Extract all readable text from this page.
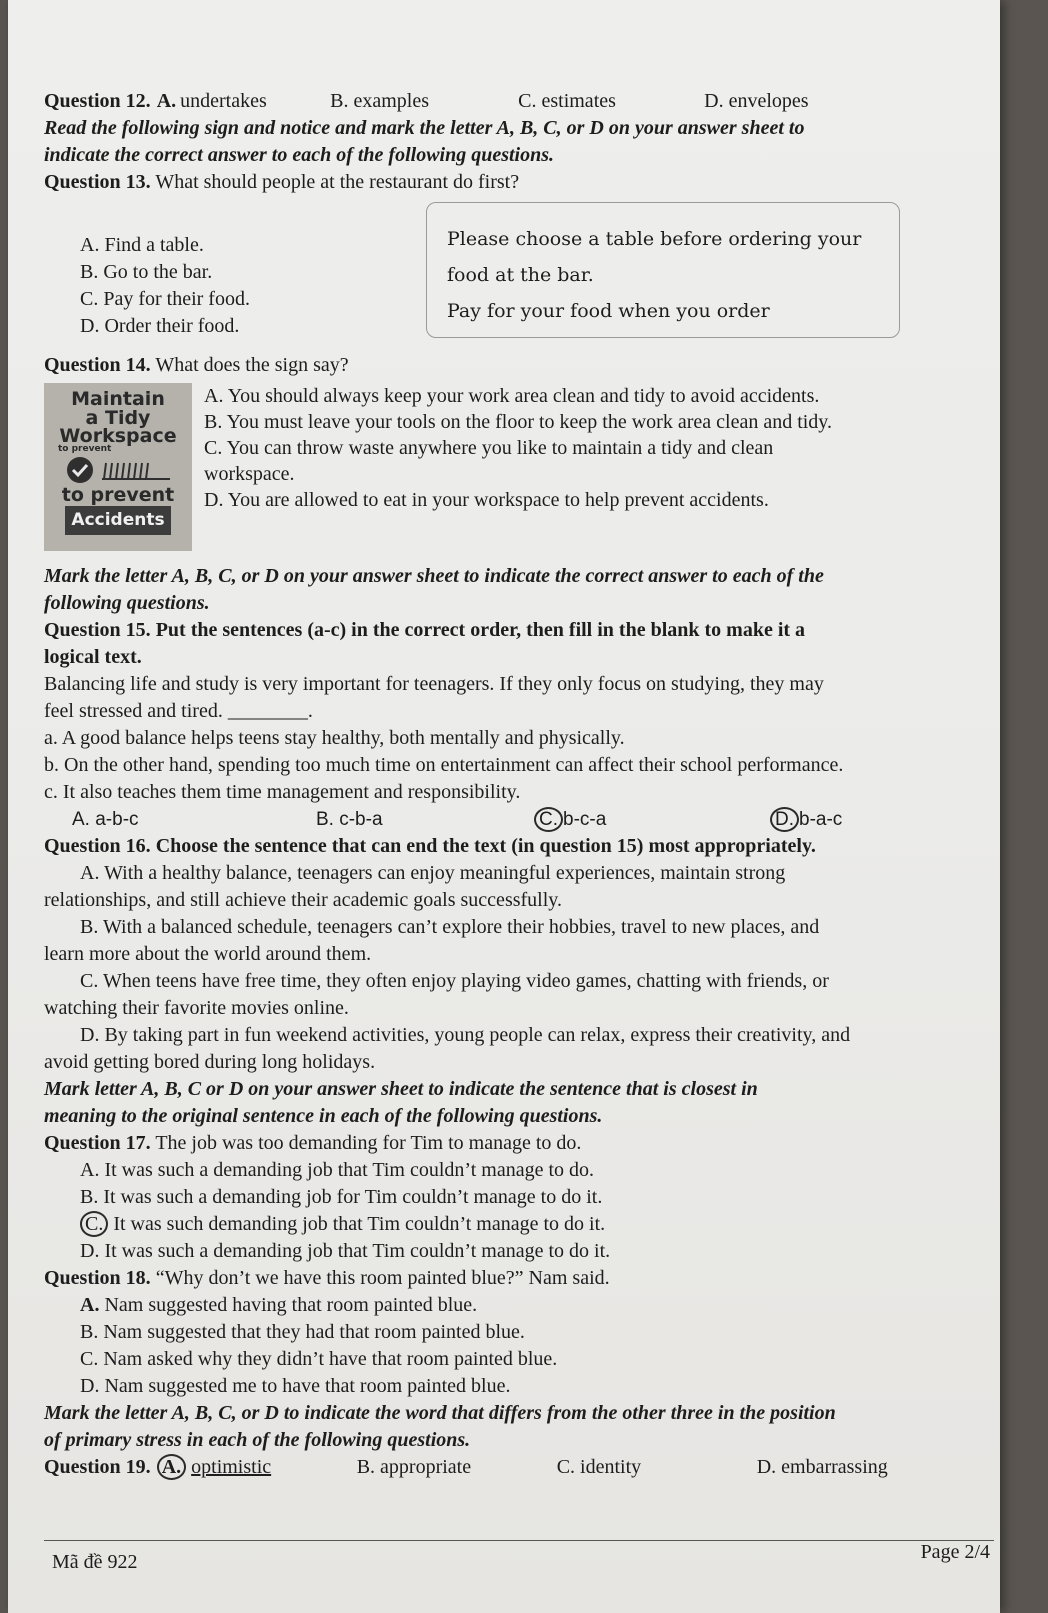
Question 12. A. undertakes	B. examples	C. estimates	D. envelopes
Read the following sign and notice and mark the letter A, B, C, or D on your answer sheet to
indicate the correct answer to each of the following questions.
Question 13. What should people at the restaurant do first?
A. Find a table.
B. Go to the bar.
C. Pay for their food.
D. Order their food.
Please choose a table before ordering your
food at the bar.
Pay for your food when you order
Question 14. What does the sign say?
Maintain
a Tidy
Workspace
to prevent
to prevent
Accidents
A. You should always keep your work area clean and tidy to avoid accidents.
B. You must leave your tools on the floor to keep the work area clean and tidy.
C. You can throw waste anywhere you like to maintain a tidy and clean
workspace.
D. You are allowed to eat in your workspace to help prevent accidents.
Mark the letter A, B, C, or D on your answer sheet to indicate the correct answer to each of the
following questions.
Question 15. Put the sentences (a-c) in the correct order, then fill in the blank to make it a
logical text.
Balancing life and study is very important for teenagers. If they only focus on studying, they may
feel stressed and tired. ________.
a. A good balance helps teens stay healthy, both mentally and physically.
b. On the other hand, spending too much time on entertainment can affect their school performance.
c. It also teaches them time management and responsibility.
A. a-b-c	B. c-b-a	C. b-c-a	D. b-a-c
Question 16. Choose the sentence that can end the text (in question 15) most appropriately.
A. With a healthy balance, teenagers can enjoy meaningful experiences, maintain strong
relationships, and still achieve their academic goals successfully.
B. With a balanced schedule, teenagers can’t explore their hobbies, travel to new places, and
learn more about the world around them.
C. When teens have free time, they often enjoy playing video games, chatting with friends, or
watching their favorite movies online.
D. By taking part in fun weekend activities, young people can relax, express their creativity, and
avoid getting bored during long holidays.
Mark letter A, B, C or D on your answer sheet to indicate the sentence that is closest in
meaning to the original sentence in each of the following questions.
Question 17. The job was too demanding for Tim to manage to do.
A. It was such a demanding job that Tim couldn’t manage to do.
B. It was such a demanding job for Tim couldn’t manage to do it.
C. It was such demanding job that Tim couldn’t manage to do it.
D. It was such a demanding job that Tim couldn’t manage to do it.
Question 18. “Why don’t we have this room painted blue?” Nam said.
A. Nam suggested having that room painted blue.
B. Nam suggested that they had that room painted blue.
C. Nam asked why they didn’t have that room painted blue.
D. Nam suggested me to have that room painted blue.
Mark the letter A, B, C, or D to indicate the word that differs from the other three in the position
of primary stress in each of the following questions.
Question 19. A. optimistic	B. appropriate	C. identity	D. embarrassing
Mã đề 922	Page 2/4
